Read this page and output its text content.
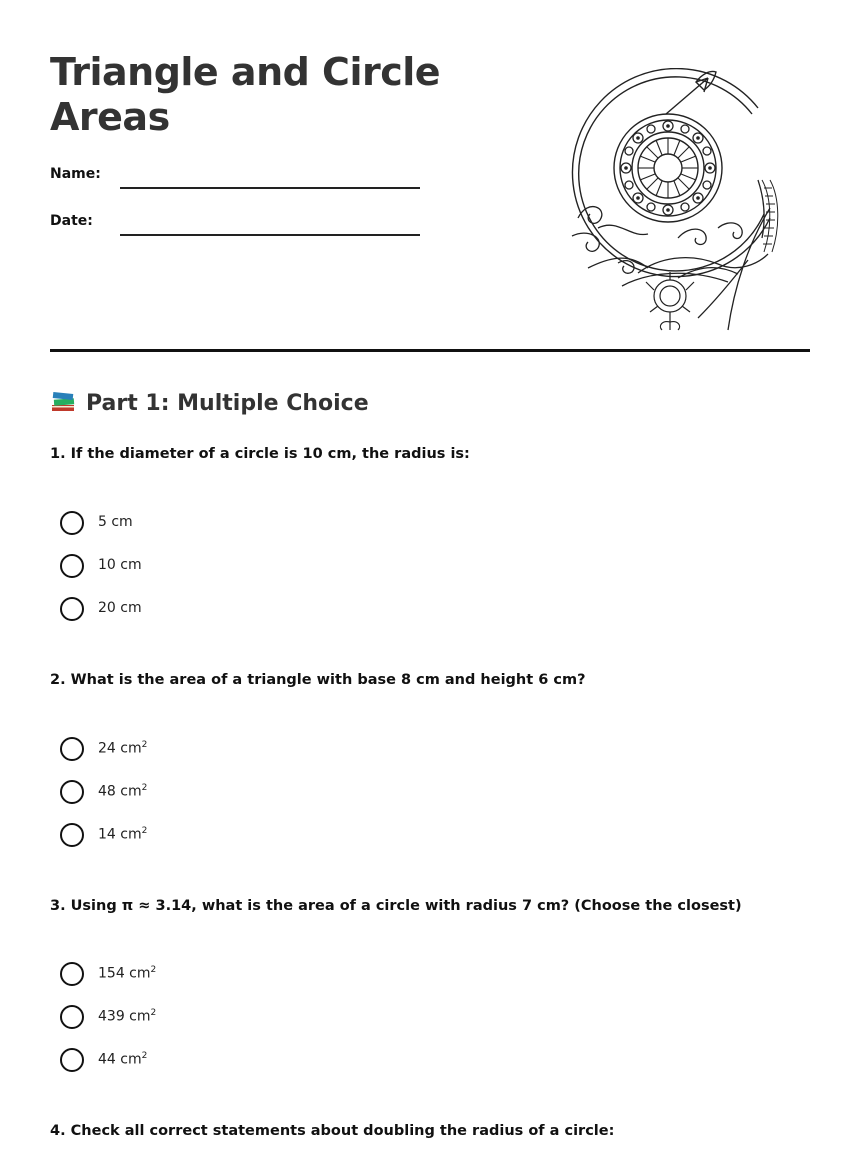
Triangle and Circle Areas
Name:
Date:
Part 1: Multiple Choice

1. If the diameter of a circle is 10 cm, the radius is:

5 cm
10 cm
20 cm

2. What is the area of a triangle with base 8 cm and height 6 cm?

24 $cm^2$
48 $cm^2$
14 $cm^2$

3. Using π ≈ 3.14, what is the area of a circle with radius 7 cm? (Choose the closest)

154 $cm^2$
439 $cm^2$
44 $cm^2$

4. Check all correct statements about doubling the radius of a circle:
